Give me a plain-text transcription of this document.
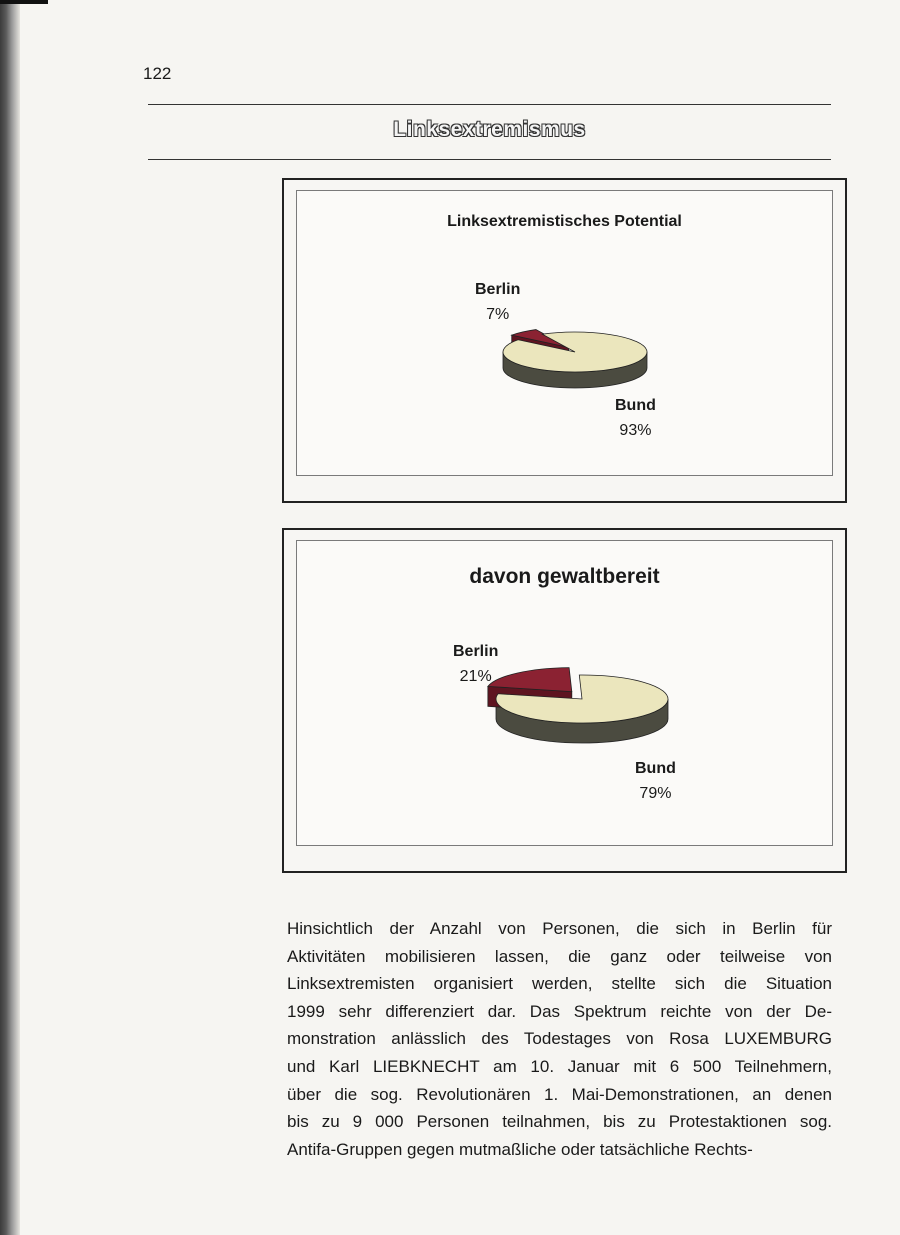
122
Linksextremismus
Linksextremistisches Potential
Berlin
7%
Bund
93%
davon gewaltbereit
Berlin
21%
Bund
79%
Hinsichtlich der Anzahl von Personen, die sich in Berlin für
Aktivitäten mobilisieren lassen, die ganz oder teilweise von
Linksextremisten organisiert werden, stellte sich die Situation
1999 sehr differenziert dar. Das Spektrum reichte von der De-
monstration anlässlich des Todestages von Rosa LUXEMBURG
und Karl LIEBKNECHT am 10. Januar mit 6 500 Teilnehmern,
über die sog. Revolutionären 1. Mai-Demonstrationen, an denen
bis zu 9 000 Personen teilnahmen, bis zu Protestaktionen sog.
Antifa-Gruppen gegen mutmaßliche oder tatsächliche Rechts-
